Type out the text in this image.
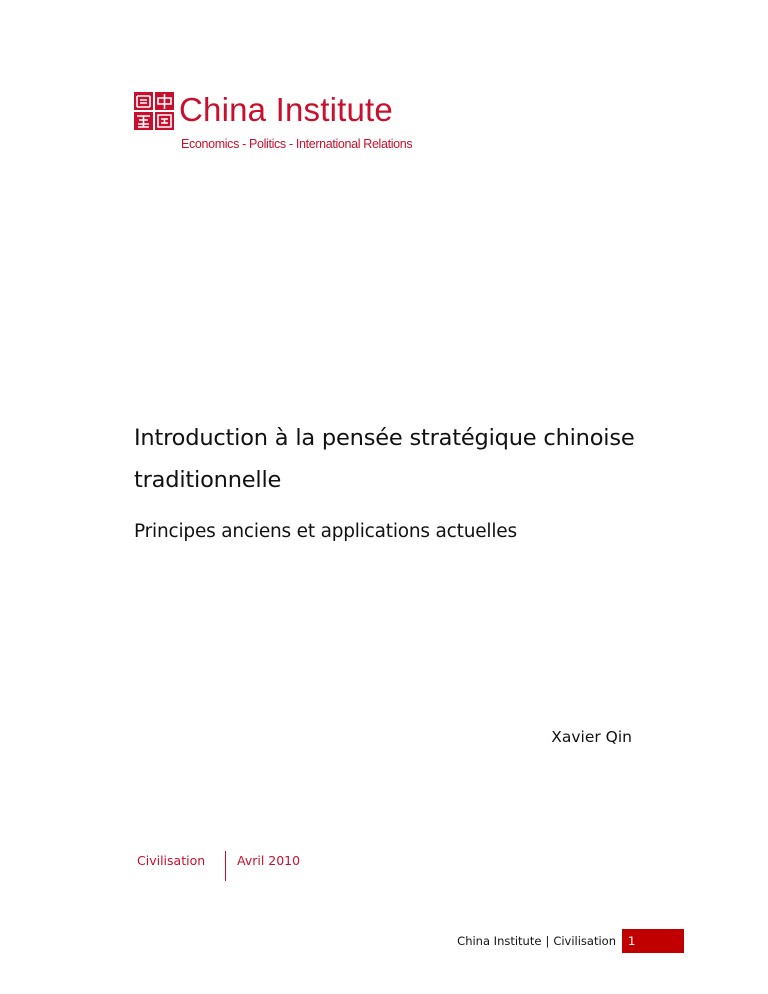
China Institute
Economics - Politics - International Relations
Introduction à la pensée stratégique chinoise traditionnelle
Principes anciens et applications actuelles
Xavier Qin
Civilisation	Avril 2010
China Institute | Civilisation	1
